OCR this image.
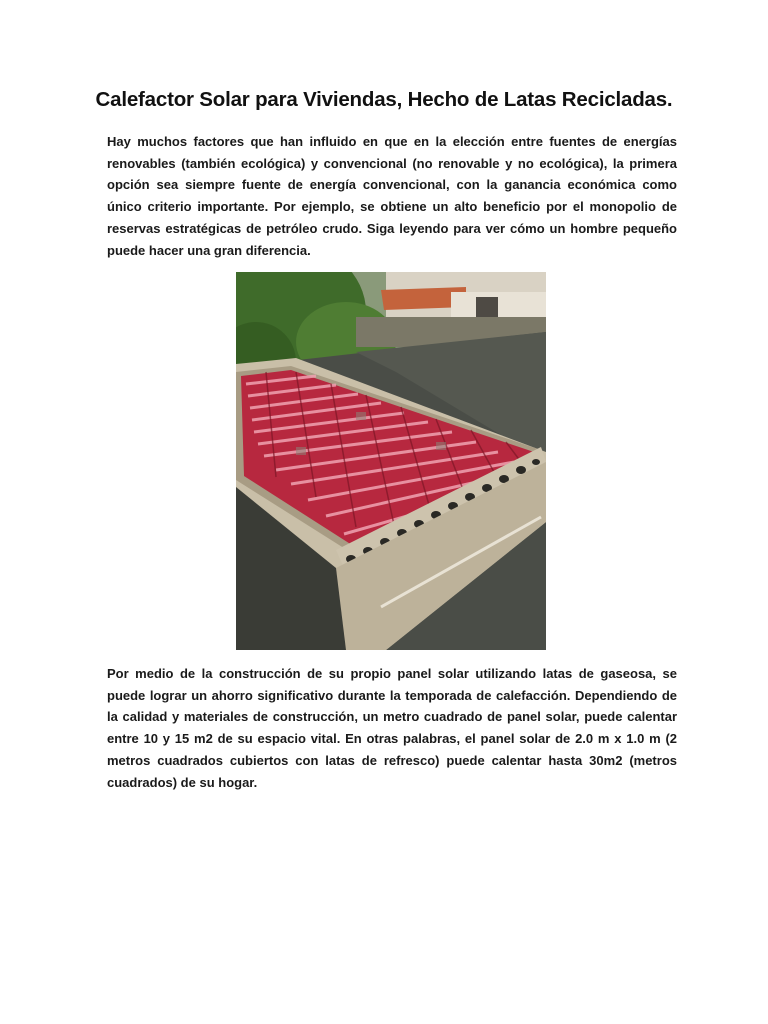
Calefactor Solar para Viviendas, Hecho de Latas Recicladas.
Hay muchos factores que han influido en que en la elección entre fuentes de energías renovables (también ecológica) y convencional (no renovable y no ecológica), la primera opción sea siempre fuente de energía convencional, con la ganancia económica como único criterio importante. Por ejemplo, se obtiene un alto beneficio por el monopolio de reservas estratégicas de petróleo crudo. Siga leyendo para ver cómo un hombre pequeño puede hacer una gran diferencia.
Por medio de la construcción de su propio panel solar utilizando latas de gaseosa, se puede lograr un ahorro significativo durante la temporada de calefacción. Dependiendo de la calidad y materiales de construcción, un metro cuadrado de panel solar, puede calentar entre 10 y 15 m2 de su espacio vital. En otras palabras, el panel solar de 2.0 m x 1.0 m (2 metros cuadrados cubiertos con latas de refresco) puede calentar hasta 30m2 (metros cuadrados) de su hogar.
